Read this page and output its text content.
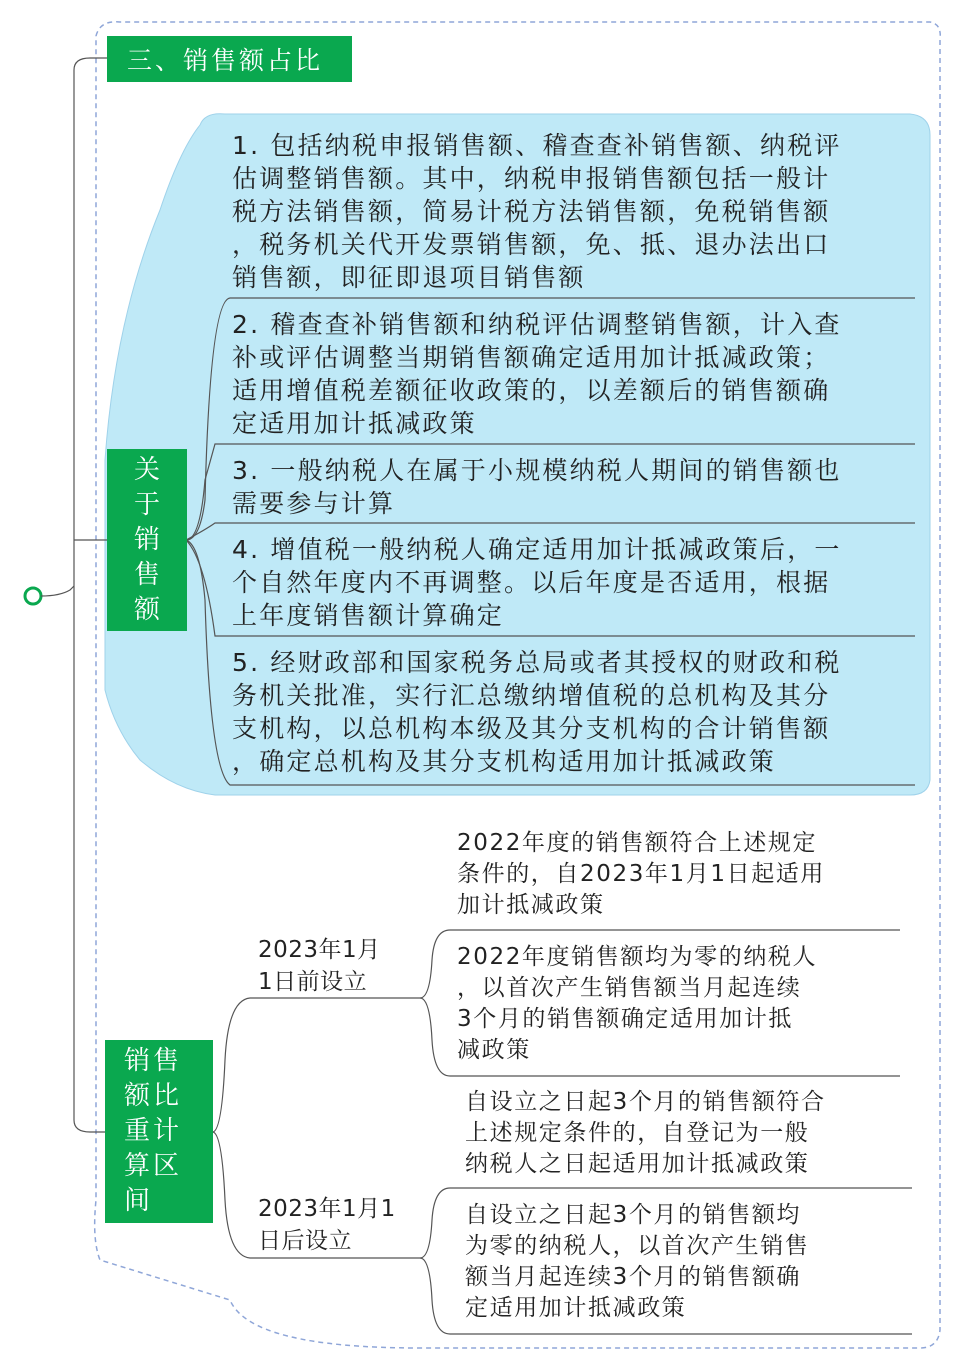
三、销售额占比
关
于
销
售
额
1. 包括纳税申报销售额、稽查查补销售额、纳税评
估调整销售额。其中，纳税申报销售额包括一般计
税方法销售额，简易计税方法销售额，免税销售额
，税务机关代开发票销售额，免、抵、退办法出口
销售额，即征即退项目销售额
2. 稽查查补销售额和纳税评估调整销售额，计入查
补或评估调整当期销售额确定适用加计抵减政策；
适用增值税差额征收政策的，以差额后的销售额确
定适用加计抵减政策
3. 一般纳税人在属于小规模纳税人期间的销售额也
需要参与计算
4. 增值税一般纳税人确定适用加计抵减政策后，一
个自然年度内不再调整。以后年度是否适用，根据
上年度销售额计算确定
5. 经财政部和国家税务总局或者其授权的财政和税
务机关批准，实行汇总缴纳增值税的总机构及其分
支机构，以总机构本级及其分支机构的合计销售额
，确定总机构及其分支机构适用加计抵减政策
销售
额比
重计
算区
间
2023年1月
1日前设立
2023年1月1
日后设立
2022年度的销售额符合上述规定
条件的，自2023年1月1日起适用
加计抵减政策
2022年度销售额均为零的纳税人
，以首次产生销售额当月起连续
3个月的销售额确定适用加计抵
减政策
自设立之日起3个月的销售额符合
上述规定条件的，自登记为一般
纳税人之日起适用加计抵减政策
自设立之日起3个月的销售额均
为零的纳税人，以首次产生销售
额当月起连续3个月的销售额确
定适用加计抵减政策
